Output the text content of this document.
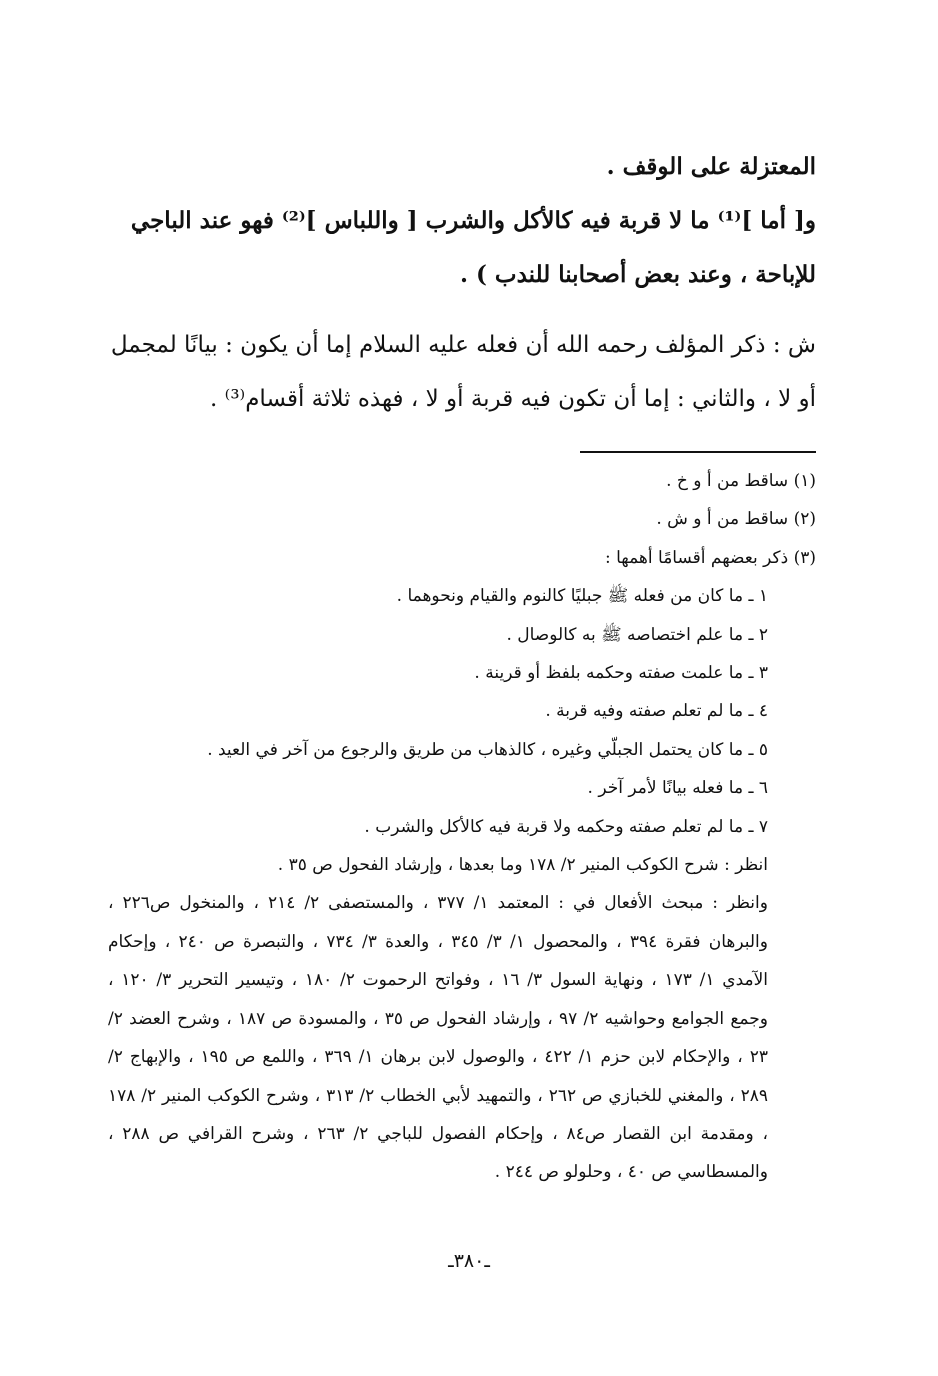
المعتزلة على الوقف .

و[ أما ]⁽¹⁾ ما لا قربة فيه كالأكل والشرب [ واللباس ]⁽²⁾ فهو عند الباجي

للإباحة ، وعند بعض أصحابنا للندب ) .

ش : ذكر المؤلف رحمه الله أن فعله عليه السلام إما أن يكون : بيانًا لمجمل

أو لا ، والثاني : إما أن تكون فيه قربة أو لا ، فهذه ثلاثة أقسام⁽³⁾ .

(١) ساقط من أ و خ .
(٢) ساقط من أ و ش .
(٣) ذكر بعضهم أقسامًا أهمها :
١ ـ ما كان من فعله ﷺ جبليًا كالنوم والقيام ونحوهما .
٢ ـ ما علم اختصاصه ﷺ به كالوصال .
٣ ـ ما علمت صفته وحكمه بلفظ أو قرينة .
٤ ـ ما لم تعلم صفته وفيه قربة .
٥ ـ ما كان يحتمل الجبلّي وغيره ، كالذهاب من طريق والرجوع من آخر في العيد .
٦ ـ ما فعله بيانًا لأمر آخر .
٧ ـ ما لم تعلم صفته وحكمه ولا قربة فيه كالأكل والشرب .
انظر : شرح الكوكب المنير ٢/ ١٧٨ وما بعدها ، وإرشاد الفحول ص ٣٥ .
وانظر : مبحث الأفعال في : المعتمد ١/ ٣٧٧ ، والمستصفى ٢/ ٢١٤ ، والمنخول ص٢٢٦ ، والبرهان فقرة ٣٩٤ ، والمحصول ١/ ٣/ ٣٤٥ ، والعدة ٣/ ٧٣٤ ، والتبصرة ص ٢٤٠ ، وإحكام الآمدي ١/ ١٧٣ ، ونهاية السول ٣/ ١٦ ، وفواتح الرحموت ٢/ ١٨٠ ، وتيسير التحرير ٣/ ١٢٠ ، وجمع الجوامع وحواشيه ٢/ ٩٧ ، وإرشاد الفحول ص ٣٥ ، والمسودة ص ١٨٧ ، وشرح العضد ٢/ ٢٣ ، والإحكام لابن حزم ١/ ٤٢٢ ، والوصول لابن برهان ١/ ٣٦٩ ، واللمع ص ١٩٥ ، والإبهاج ٢/ ٢٨٩ ، والمغني للخبازي ص ٢٦٢ ، والتمهيد لأبي الخطاب ٢/ ٣١٣ ، وشرح الكوكب المنير ٢/ ١٧٨ ، ومقدمة ابن القصار ص٨٤ ، وإحكام الفصول للباجي ٢/ ٢٦٣ ، وشرح القرافي ص ٢٨٨ ، والمسطاسي ص ٤٠ ، وحلولو ص ٢٤٤ .
ـ٣٨٠ـ
